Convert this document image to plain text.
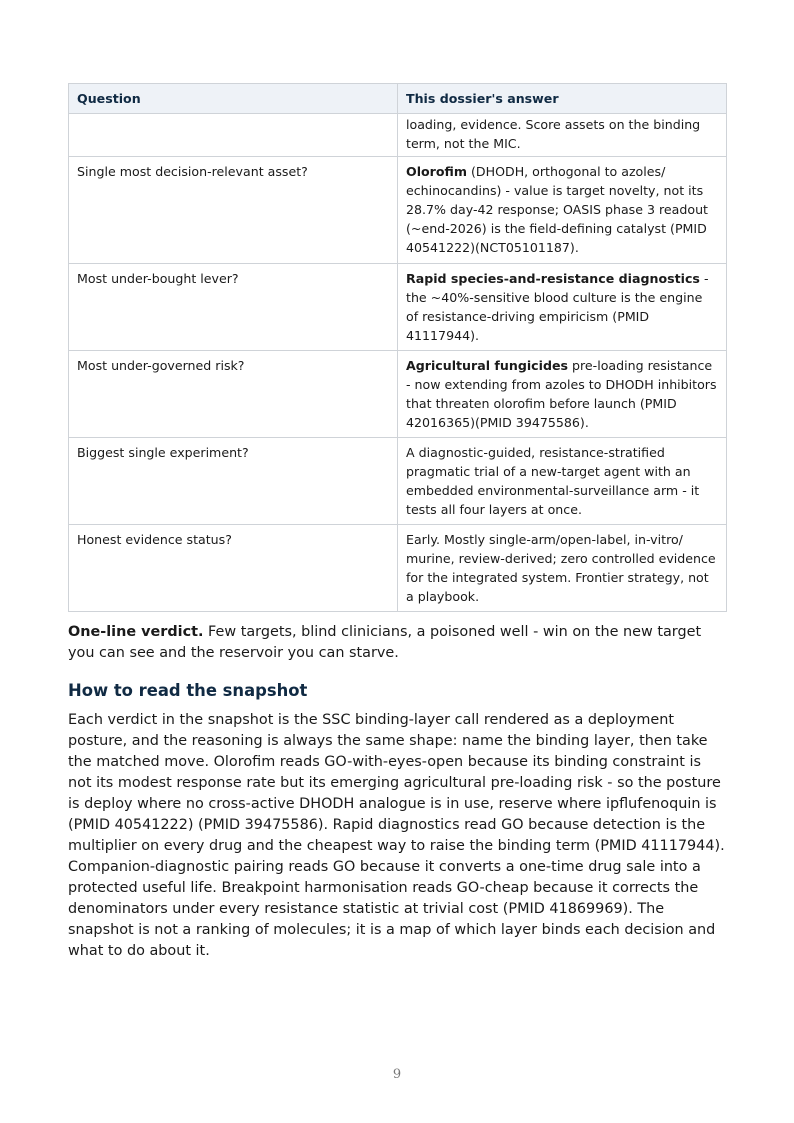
Question	This dossier's answer
	loading, evidence. Score assets on the binding term, not the MIC.
Single most decision-relevant asset?	Olorofim (DHODH, orthogonal to azoles/ echinocandins) - value is target novelty, not its 28.7% day-42 response; OASIS phase 3 readout (~end-2026) is the field-defining catalyst (PMID 40541222)(NCT05101187).
Most under-bought lever?	Rapid species-and-resistance diagnostics - the ~40%-sensitive blood culture is the engine of resistance-driving empiricism (PMID 41117944).
Most under-governed risk?	Agricultural fungicides pre-loading resistance - now extending from azoles to DHODH inhibitors that threaten olorofim before launch (PMID 42016365)(PMID 39475586).
Biggest single experiment?	A diagnostic-guided, resistance-stratified pragmatic trial of a new-target agent with an embedded environmental-surveillance arm - it tests all four layers at once.
Honest evidence status?	Early. Mostly single-arm/open-label, in-vitro/ murine, review-derived; zero controlled evidence for the integrated system. Frontier strategy, not a playbook.

One-line verdict. Few targets, blind clinicians, a poisoned well - win on the new target you can see and the reservoir you can starve.

How to read the snapshot

Each verdict in the snapshot is the SSC binding-layer call rendered as a deployment posture, and the reasoning is always the same shape: name the binding layer, then take the matched move. Olorofim reads GO-with-eyes-open because its binding constraint is not its modest response rate but its emerging agricultural pre-loading risk - so the posture is deploy where no cross-active DHODH analogue is in use, reserve where ipflufenoquin is (PMID 40541222) (PMID 39475586). Rapid diagnostics read GO because detection is the multiplier on every drug and the cheapest way to raise the binding term (PMID 41117944). Companion-diagnostic pairing reads GO because it converts a one-time drug sale into a protected useful life. Breakpoint harmonisation reads GO-cheap because it corrects the denominators under every resistance statistic at trivial cost (PMID 41869969). The snapshot is not a ranking of molecules; it is a map of which layer binds each decision and what to do about it.

9
